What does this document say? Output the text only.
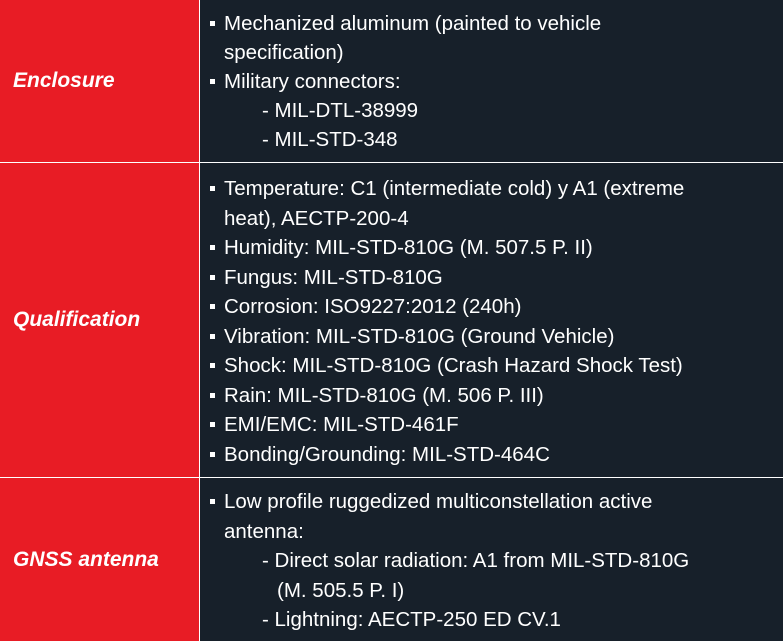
Enclosure
Mechanized aluminum (painted to vehicle
specification)
Military connectors:
- MIL-DTL-38999
- MIL-STD-348
Qualification
Temperature: C1 (intermediate cold) y A1 (extreme
heat), AECTP-200-4
Humidity: MIL-STD-810G (M. 507.5 P. II)
Fungus: MIL-STD-810G
Corrosion: ISO9227:2012 (240h)
Vibration: MIL-STD-810G (Ground Vehicle)
Shock: MIL-STD-810G (Crash Hazard Shock Test)
Rain: MIL-STD-810G (M. 506 P. III)
EMI/EMC: MIL-STD-461F
Bonding/Grounding: MIL-STD-464C
GNSS antenna
Low profile ruggedized multiconstellation active
antenna:
- Direct solar radiation: A1 from MIL-STD-810G
(M. 505.5 P. I)
- Lightning: AECTP-250 ED CV.1
